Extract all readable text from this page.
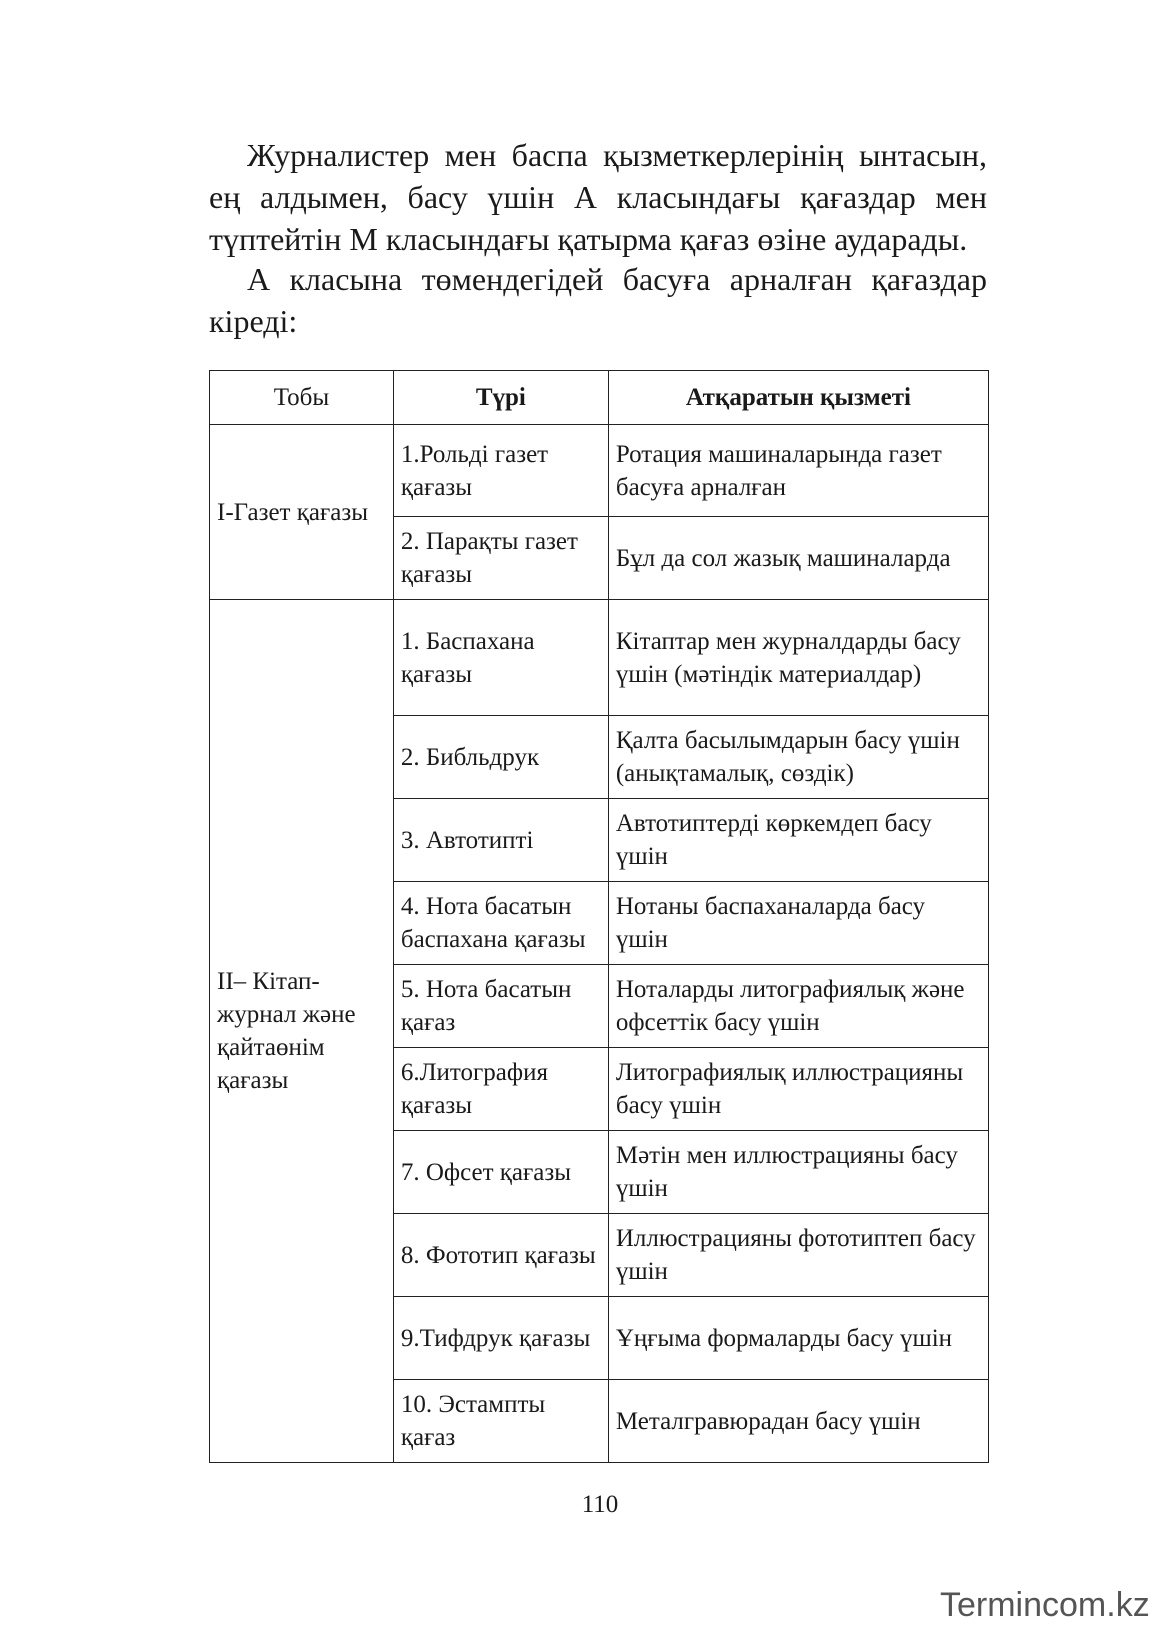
Журналистер мен баспа қызметкерлерінің ынтасын, ең алдымен, басу үшін А класындағы қағаздар мен түптейтін М класындағы қатырма қағаз өзіне аударады.

А класына төмендегідей басуға арналған қағаздар кіреді:

Тобы	Түрі	Атқаратын қызметі
І-Газет қағазы	1.Рольді газет қағазы	Ротация машиналарында газет басуға арналған
	2. Парақты газет қағазы	Бұл да сол жазық машиналарда
ІІ– Кітап-журнал және қайтаөнім қағазы	1. Баспахана қағазы	Кітаптар мен журналдарды басу үшін (мәтіндік материалдар)
	2. Библьдрук	Қалта басылымдарын басу үшін (анықтамалық, сөздік)
	3. Автотипті	Автотиптерді көркемдеп басу үшін
	4. Нота басатын баспахана қағазы	Нотаны баспаханаларда басу үшін
	5. Нота басатын қағаз	Ноталарды литографиялық және офсеттік басу үшін
	6.Литография қағазы	Литографиялық иллюстрацияны басу үшін
	7. Офсет қағазы	Мәтін мен иллюстрацияны басу үшін
	8. Фототип қағазы	Иллюстрацияны фототиптеп басу үшін
	9.Тифдрук қағазы	Ұңғыма формаларды басу үшін
	10. Эстампты қағаз	Металгравюрадан басу үшін
110
Termincom.kz
